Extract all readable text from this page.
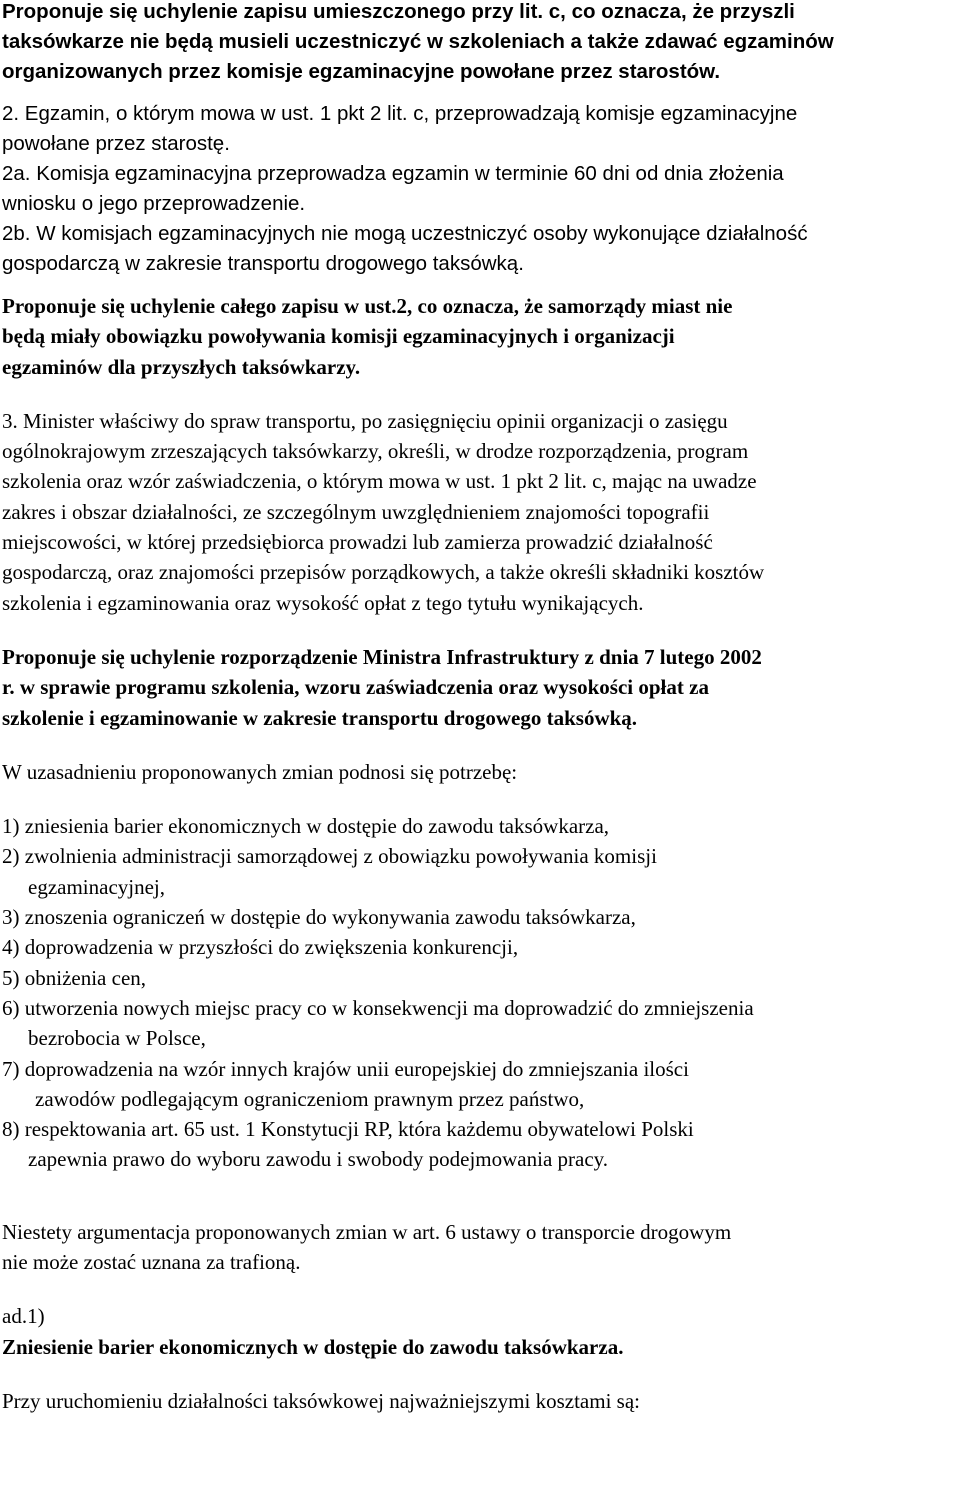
Proponuje się uchylenie zapisu umieszczonego przy lit. c, co oznacza, że przyszli
taksówkarze nie będą musieli uczestniczyć w szkoleniach a także zdawać egzaminów
organizowanych przez komisje egzaminacyjne powołane przez starostów.
2. Egzamin, o którym mowa w ust. 1 pkt 2 lit. c, przeprowadzają komisje egzaminacyjne
powołane przez starostę.
2a. Komisja egzaminacyjna przeprowadza egzamin w terminie 60 dni od dnia złożenia
wniosku o jego przeprowadzenie.
2b. W komisjach egzaminacyjnych nie mogą uczestniczyć osoby wykonujące działalność
gospodarczą w zakresie transportu drogowego taksówką.
Proponuje się uchylenie całego zapisu w ust.2, co oznacza, że samorządy miast nie
będą miały obowiązku powoływania komisji egzaminacyjnych i organizacji
egzaminów dla przyszłych taksówkarzy.
3. Minister właściwy do spraw transportu, po zasięgnięciu opinii organizacji o zasięgu
ogólnokrajowym zrzeszających taksówkarzy, określi, w drodze rozporządzenia, program
szkolenia oraz wzór zaświadczenia, o którym mowa w ust. 1 pkt 2 lit. c, mając na uwadze
zakres i obszar działalności, ze szczególnym uwzględnieniem znajomości topografii
miejscowości, w której przedsiębiorca prowadzi lub zamierza prowadzić działalność
gospodarczą, oraz znajomości przepisów porządkowych, a także określi składniki kosztów
szkolenia i egzaminowania oraz wysokość opłat z tego tytułu wynikających.
Proponuje się uchylenie rozporządzenie Ministra Infrastruktury z dnia 7 lutego 2002
r. w sprawie programu szkolenia, wzoru zaświadczenia oraz wysokości opłat za
szkolenie i egzaminowanie w zakresie transportu drogowego taksówką.
W uzasadnieniu proponowanych zmian podnosi się potrzebę:
1) zniesienia barier ekonomicznych w dostępie do zawodu taksówkarza,
2) zwolnienia administracji samorządowej z obowiązku powoływania komisji
egzaminacyjnej,
3) znoszenia ograniczeń w dostępie do wykonywania zawodu taksówkarza,
4) doprowadzenia w przyszłości do zwiększenia konkurencji,
5) obniżenia cen,
6) utworzenia nowych miejsc pracy co w konsekwencji ma doprowadzić do zmniejszenia
bezrobocia w Polsce,
7) doprowadzenia na wzór innych krajów unii europejskiej do zmniejszania ilości
zawodów podlegającym ograniczeniom prawnym przez państwo,
8) respektowania art. 65 ust. 1 Konstytucji RP, która każdemu obywatelowi Polski
zapewnia prawo do wyboru zawodu i swobody podejmowania pracy.
Niestety argumentacja proponowanych zmian w art. 6 ustawy o transporcie drogowym
nie może zostać uznana za trafioną.
ad.1)
Zniesienie barier ekonomicznych w dostępie do zawodu taksówkarza.
Przy uruchomieniu działalności taksówkowej najważniejszymi kosztami są:
